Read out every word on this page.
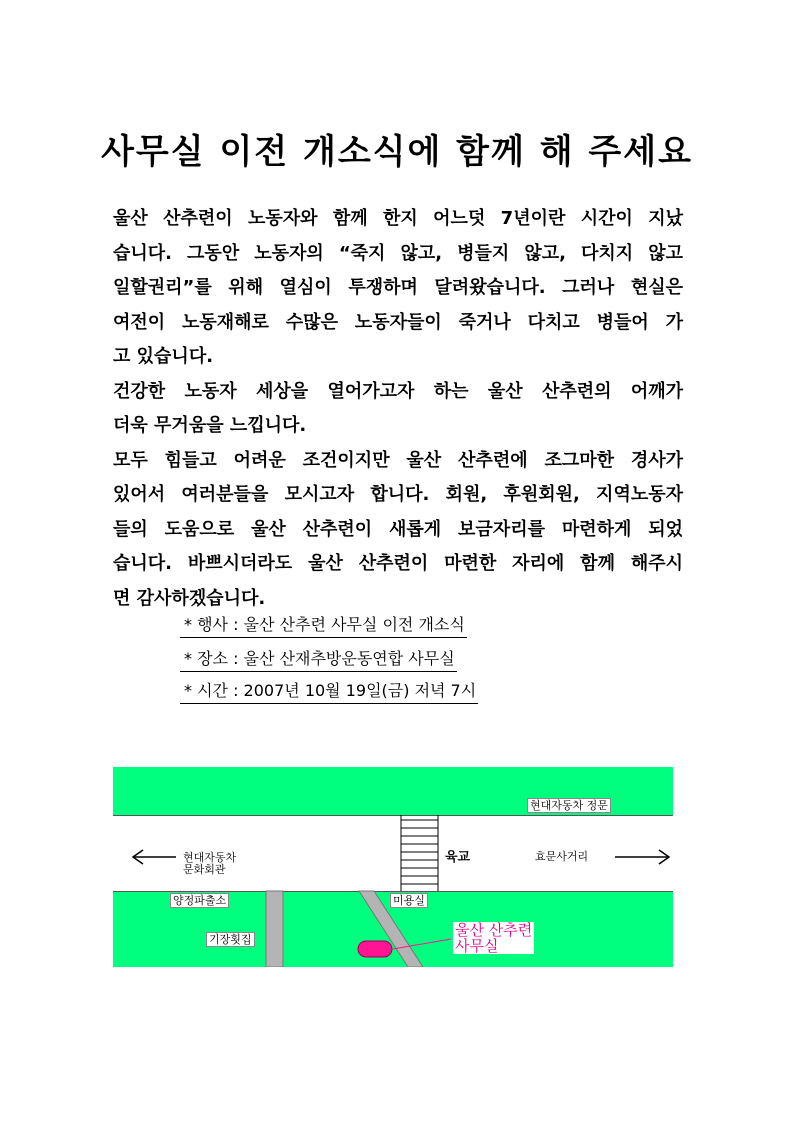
사무실 이전 개소식에 함께 해 주세요
울산 산추련이 노동자와 함께 한지 어느덧 7년이란 시간이 지났
습니다. 그동안 노동자의 “죽지 않고, 병들지 않고, 다치지 않고
일할권리”를 위해 열심이 투쟁하며 달려왔습니다. 그러나 현실은
여전이 노동재해로 수많은 노동자들이 죽거나 다치고 병들어 가
고 있습니다.
건강한 노동자 세상을 열어가고자 하는 울산 산추련의 어깨가
더욱 무거움을 느낍니다.
모두 힘들고 어려운 조건이지만 울산 산추련에 조그마한 경사가
있어서 여러분들을 모시고자 합니다. 회원, 후원회원, 지역노동자
들의 도움으로 울산 산추련이 새롭게 보금자리를 마련하게 되었
습니다. 바쁘시더라도 울산 산추련이 마련한 자리에 함께 해주시
면 감사하겠습니다.
* 행사 : 울산 산추련 사무실 이전 개소식
* 장소 : 울산 산재추방운동연합 사무실
* 시간 : 2007년 10월 19일(금) 저녁 7시
현대자동차 정문
육교
현대자동차
문화회관
효문사거리
양정파출소	미용실
기장횟집
울산 산추련
사무실
